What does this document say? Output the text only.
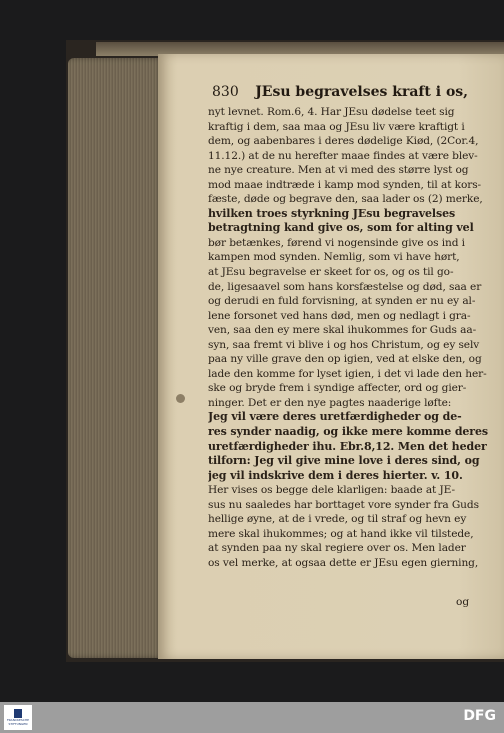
830 JEsu begravelses kraft i os,
nyt levnet. Rom.6, 4. Har JEsu dødelse teet sig
kraftig i dem, saa maa og JEsu liv være kraftigt i
dem, og aabenbares i deres dødelige Kiød, (2Cor.4,
11.12.) at de nu herefter maae findes at være blev-
ne nye creature. Men at vi med des større lyst og
mod maae indtræde i kamp mod synden, til at kors-
fæste, døde og begrave den, saa lader os (2) merke,
hvilken troes styrkning JEsu begravelses
betragtning kand give os, som for alting vel
bør betænkes, førend vi nogensinde give os ind i
kampen mod synden. Nemlig, som vi have hørt,
at JEsu begravelse er skeet for os, og os til go-
de, ligesaavel som hans korsfæstelse og død, saa er
og derudi en fuld forvisning, at synden er nu ey al-
lene forsonet ved hans død, men og nedlagt i gra-
ven, saa den ey mere skal ihukommes for Guds aa-
syn, saa fremt vi blive i og hos Christum, og ey selv
paa ny ville grave den op igien, ved at elske den, og
lade den komme for lyset igien, i det vi lade den her-
ske og bryde frem i syndige affecter, ord og gier-
ninger. Det er den nye pagtes naaderige løfte:
Jeg vil være deres uretfærdigheder og de-
res synder naadig, og ikke mere komme deres
uretfærdigheder ihu. Ebr.8,12. Men det heder
tilforn: Jeg vil give mine love i deres sind, og
jeg vil indskrive dem i deres hierter. v. 10.
Her vises os begge dele klarligen: baade at JE-
sus nu saaledes har borttaget vore synder fra Guds
hellige øyne, at de i vrede, og til straf og hevn ey
mere skal ihukommes; og at hand ikke vil tilstede,
at synden paa ny skal regiere over os. Men lader
os vel merke, at ogsaa dette er JEsu egen gierning,
og
FRANCKESCHE STIFTUNGEN	DFG
